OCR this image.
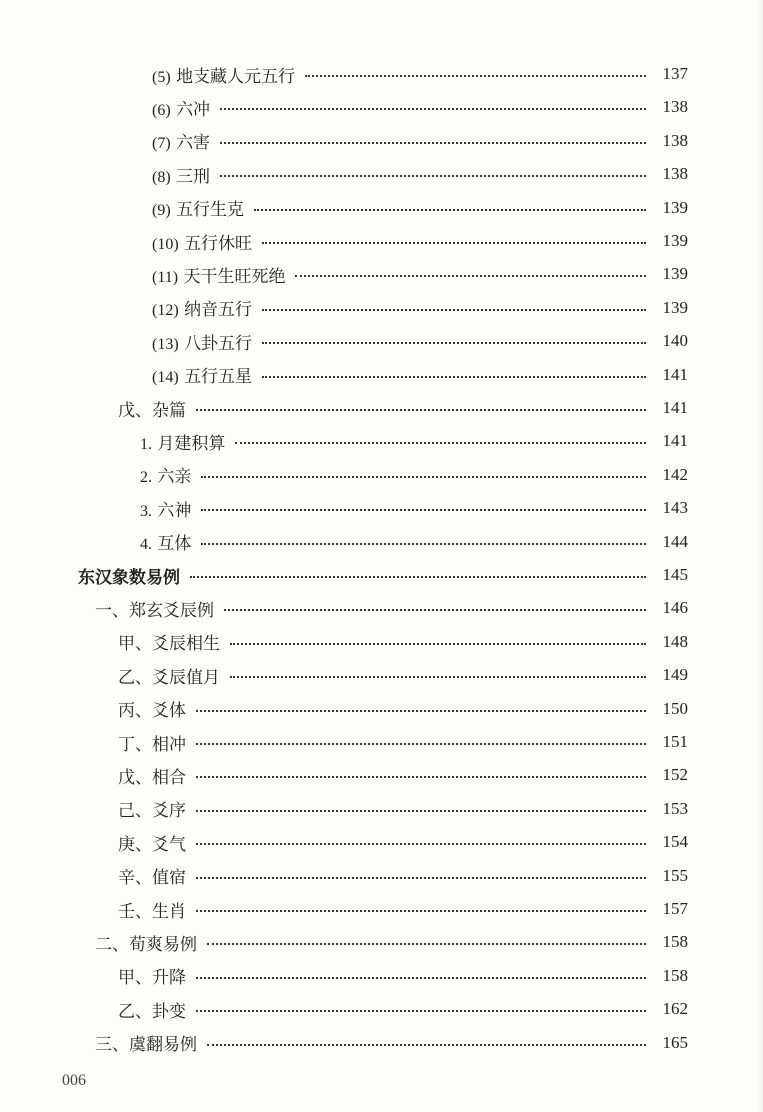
(5) 地支藏人元五行	137
(6) 六冲	138
(7) 六害	138
(8) 三刑	138
(9) 五行生克	139
(10) 五行休旺	139
(11) 天干生旺死绝	139
(12) 纳音五行	139
(13) 八卦五行	140
(14) 五行五星	141
戊、杂篇	141
1. 月建积算	141
2. 六亲	142
3. 六神	143
4. 互体	144
东汉象数易例	145
一、郑玄爻辰例	146
甲、爻辰相生	148
乙、爻辰值月	149
丙、爻体	150
丁、相冲	151
戊、相合	152
己、爻序	153
庚、爻气	154
辛、值宿	155
壬、生肖	157
二、荀爽易例	158
甲、升降	158
乙、卦变	162
三、虞翻易例	165
006
